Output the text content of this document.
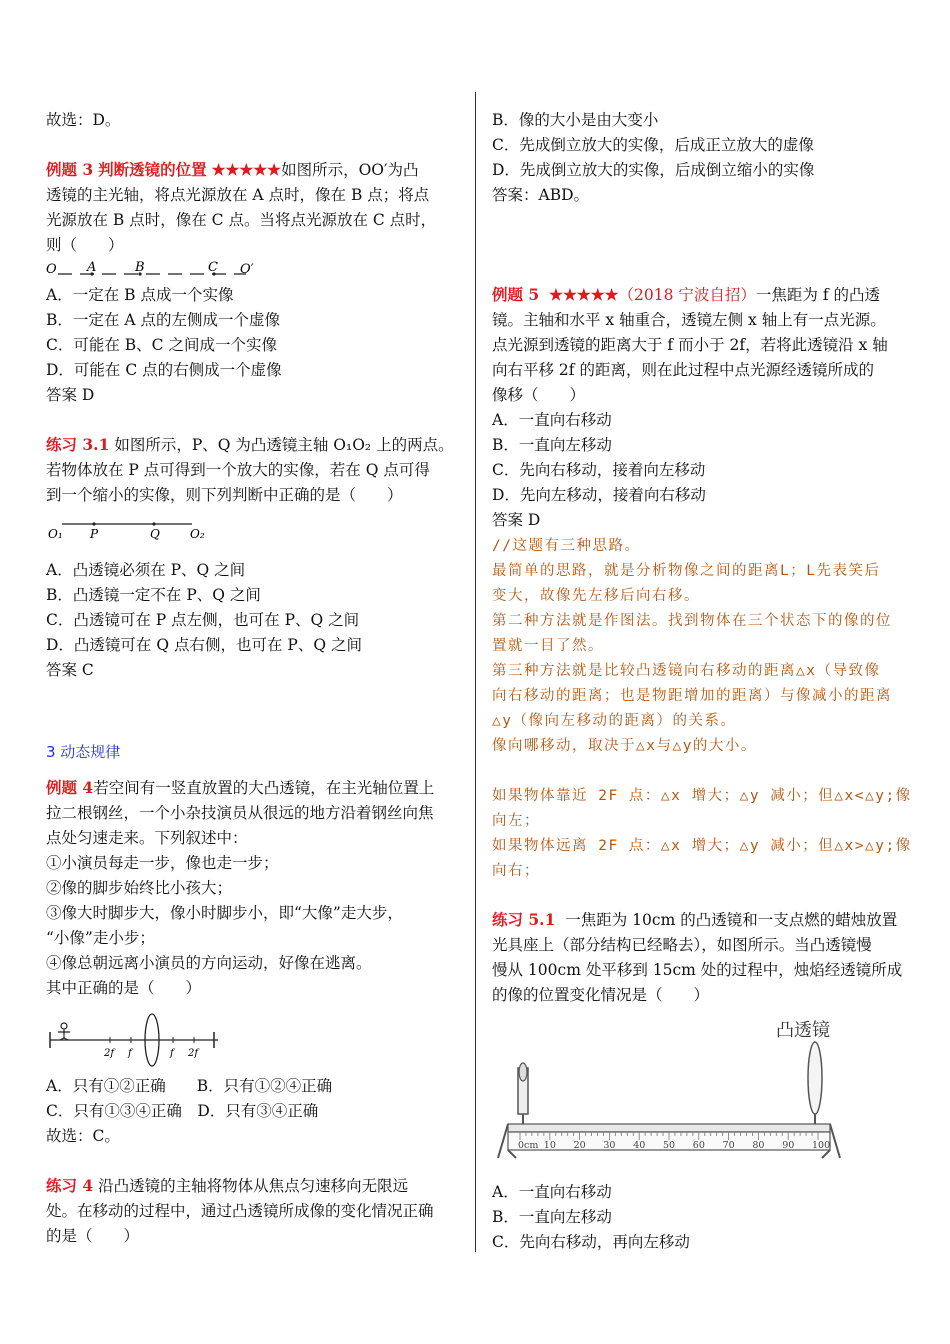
故选：D。
例题 3 判断透镜的位置 ★★★★★如图所示，OO′为凸
透镜的主光轴，将点光源放在 A 点时，像在 B 点；将点
光源放在 B 点时，像在 C 点。当将点光源放在 C 点时，
则（　　）
O A	B	C O′
A．一定在 B 点成一个实像
B．一定在 A 点的左侧成一个虚像
C．可能在 B、C 之间成一个实像
D．可能在 C 点的右侧成一个虚像
答案 D
练习 3.1 如图所示，P、Q 为凸透镜主轴 O₁O₂ 上的两点。
若物体放在 P 点可得到一个放大的实像，若在 Q 点可得
到一个缩小的实像，则下列判断中正确的是（　　）
O₁ P	Q	O₂
A．凸透镜必须在 P、Q 之间
B．凸透镜一定不在 P、Q 之间
C．凸透镜可在 P 点左侧，也可在 P、Q 之间
D．凸透镜可在 Q 点右侧，也可在 P、Q 之间
答案 C
3 动态规律
例题 4若空间有一竖直放置的大凸透镜，在主光轴位置上
拉二根钢丝，一个小杂技演员从很远的地方沿着钢丝向焦
点处匀速走来。下列叙述中：
①小演员每走一步，像也走一步；
②像的脚步始终比小孩大；
③像大时脚步大，像小时脚步小，即“大像”走大步，
“小像”走小步；
④像总朝远离小演员的方向运动，好像在逃离。
其中正确的是（　　）
2f f	f 2f
A．只有①②正确　　B．只有①②④正确
C．只有①③④正确　D．只有③④正确
故选：C。
练习 4 沿凸透镜的主轴将物体从焦点匀速移向无限远
处。在移动的过程中，通过凸透镜所成像的变化情况正确
的是（　　）
B．像的大小是由大变小
C．先成倒立放大的实像，后成正立放大的虚像
D．先成倒立放大的实像，后成倒立缩小的实像
答案：ABD。
例题 5 ★★★★★（2018 宁波自招）一焦距为 f 的凸透
镜。主轴和水平 x 轴重合，透镜左侧 x 轴上有一点光源。
点光源到透镜的距离大于 f 而小于 2f，若将此透镜沿 x 轴
向右平移 2f 的距离，则在此过程中点光源经透镜所成的
像移（　　）
A．一直向右移动
B．一直向左移动
C．先向右移动，接着向左移动
D．先向左移动，接着向右移动
答案 D
//这题有三种思路。
最简单的思路，就是分析物像之间的距离L；L先表笑后
变大，故像先左移后向右移。
第二种方法就是作图法。找到物体在三个状态下的像的位
置就一目了然。
第三种方法就是比较凸透镜向右移动的距离△x（导致像
向右移动的距离；也是物距增加的距离）与像减小的距离
△y（像向左移动的距离）的关系。
像向哪移动，取决于△x与△y的大小。
如果物体靠近 2F 点：△x 增大；△y 减小；但△x<△y;像
向左；
如果物体远离 2F 点：△x 增大；△y 减小；但△x>△y;像
向右；
练习 5.1 一焦距为 10cm 的凸透镜和一支点燃的蜡烛放置
光具座上（部分结构已经略去），如图所示。当凸透镜慢
慢从 100cm 处平移到 15cm 处的过程中，烛焰经透镜所成
的像的位置变化情况是（　　）
凸透镜
0cm 10 20 30 40 50 60 70 80 90 100
A．一直向右移动
B．一直向左移动
C．先向右移动，再向左移动
